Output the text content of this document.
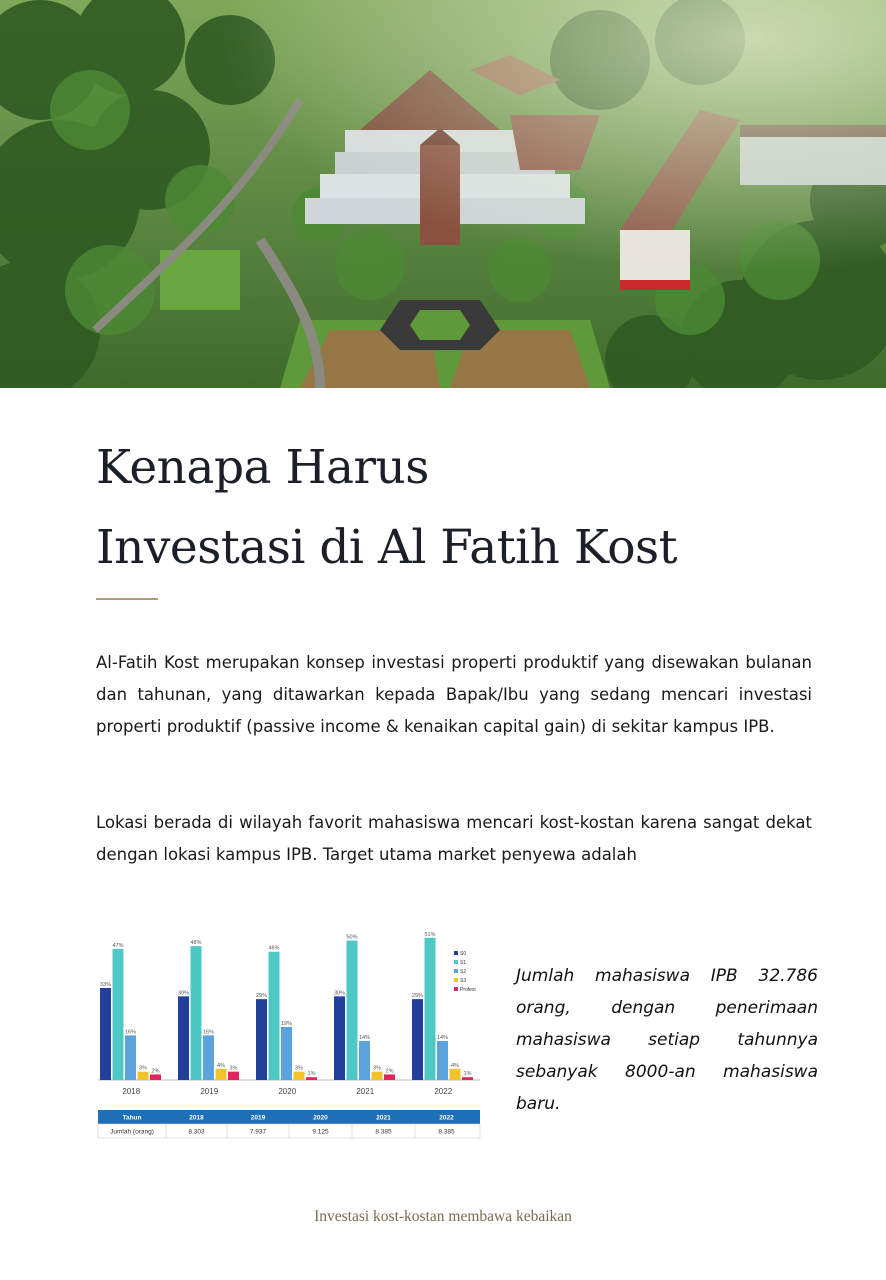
Kenapa Harus
Investasi di Al Fatih Kost

Al-Fatih Kost merupakan konsep investasi properti produktif yang disewakan bulanan dan tahunan, yang ditawarkan kepada Bapak/Ibu yang sedang mencari investasi properti produktif (passive income & kenaikan capital gain) di sekitar kampus IPB.

Lokasi berada di wilayah favorit mahasiswa mencari kost-kostan karena sangat dekat dengan lokasi kampus IPB. Target utama market penyewa adalah

33%
47%
16%
3% 2%
2018
30%
48%
16%
4% 3%
2019
29%
46%
19%
3%
1%
2020
30%
50%
14%
3% 2%
2021
29%
51%
14%
4%
1%
2022
S0
S1
S2
S3
Profesi
Tahun	2018	2019	2020	2021	2022
Jumlah (orang)	8.303	7.937	9.125	8.385	8.385

Jumlah mahasiswa IPB 32.786 orang, dengan penerimaan mahasiswa setiap tahunnya sebanyak 8000-an mahasiswa baru.

Investasi kost-kostan membawa kebaikan
